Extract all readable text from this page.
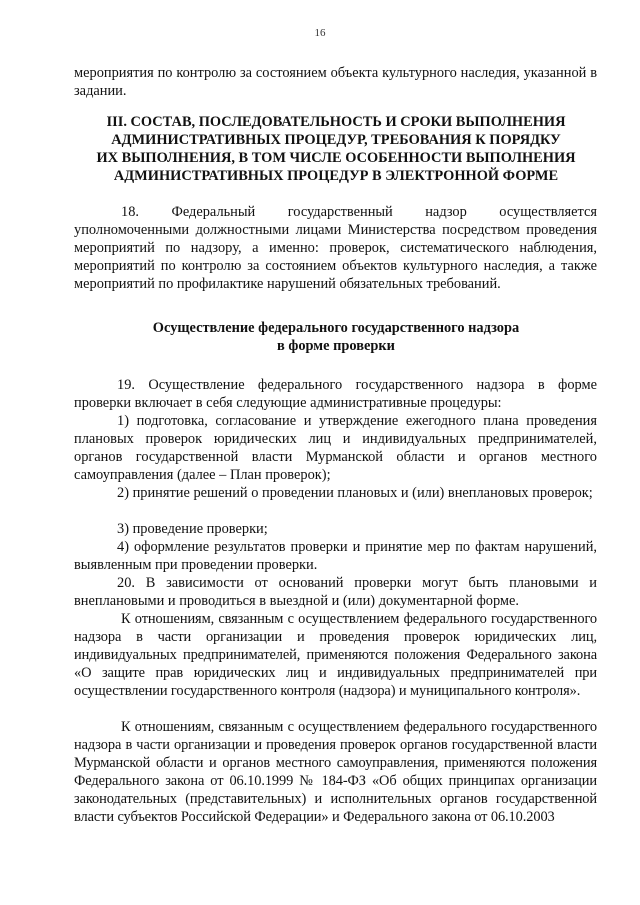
16
мероприятия по контролю за состоянием объекта культурного наследия, указанной в задании.
III. СОСТАВ, ПОСЛЕДОВАТЕЛЬНОСТЬ И СРОКИ ВЫПОЛНЕНИЯ
АДМИНИСТРАТИВНЫХ ПРОЦЕДУР, ТРЕБОВАНИЯ К ПОРЯДКУ
ИХ ВЫПОЛНЕНИЯ, В ТОМ ЧИСЛЕ ОСОБЕННОСТИ ВЫПОЛНЕНИЯ
АДМИНИСТРАТИВНЫХ ПРОЦЕДУР В ЭЛЕКТРОННОЙ ФОРМЕ
18. Федеральный государственный надзор осуществляется уполномоченными должностными лицами Министерства посредством проведения мероприятий по надзору, а именно: проверок, систематического наблюдения, мероприятий по контролю за состоянием объектов культурного наследия, а также мероприятий по профилактике нарушений обязательных требований.
Осуществление федерального государственного надзора
в форме проверки
19. Осуществление федерального государственного надзора в форме проверки включает в себя следующие административные процедуры:
1) подготовка, согласование и утверждение ежегодного плана проведения плановых проверок юридических лиц и индивидуальных предпринимателей, органов государственной власти Мурманской области и органов местного самоуправления (далее – План проверок);
2) принятие решений о проведении плановых и (или) внеплановых проверок;
3) проведение проверки;
4) оформление результатов проверки и принятие мер по фактам нарушений, выявленным при проведении проверки.
20. В зависимости от оснований проверки могут быть плановыми и внеплановыми и проводиться в выездной и (или) документарной форме.
К отношениям, связанным с осуществлением федерального государственного надзора в части организации и проведения проверок юридических лиц, индивидуальных предпринимателей, применяются положения Федерального закона «О защите прав юридических лиц и индивидуальных предпринимателей при осуществлении государственного контроля (надзора) и муниципального контроля».
К отношениям, связанным с осуществлением федерального государственного надзора в части организации и проведения проверок органов государственной власти Мурманской области и органов местного самоуправления, применяются положения Федерального закона от 06.10.1999 № 184-ФЗ «Об общих принципах организации законодательных (представительных) и исполнительных органов государственной власти субъектов Российской Федерации» и Федерального закона от 06.10.2003
